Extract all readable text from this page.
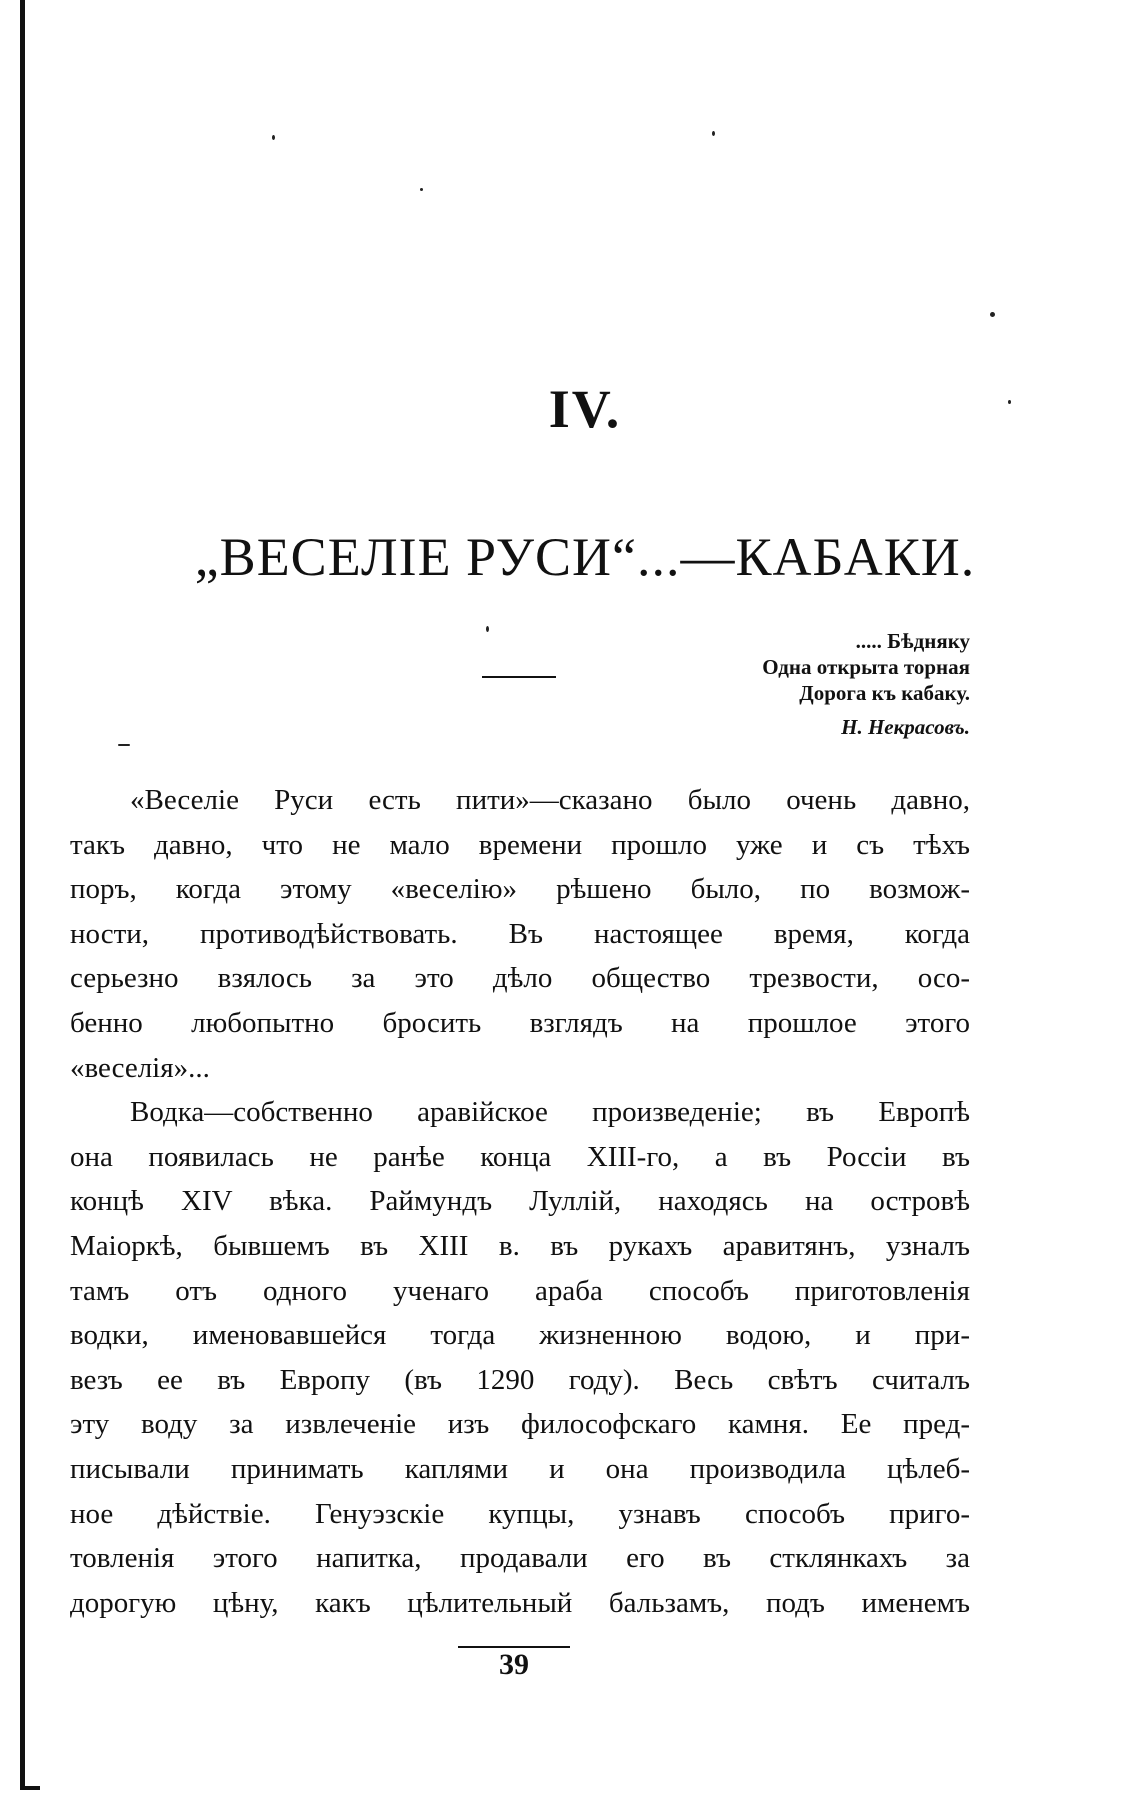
IV.
„ВЕСЕЛІЕ РУСИ“...—КАБАКИ.
..... Бѣдняку
Одна открыта торная
Дорога къ кабаку.
Н. Некрасовъ.
«Веселіе Руси есть пити»—сказано было очень давно,
такъ давно, что не мало времени прошло уже и съ тѣхъ
поръ, когда этому «веселію» рѣшено было, по возмож-
ности, противодѣйствовать. Въ настоящее время, когда
серьезно взялось за это дѣло общество трезвости, осо-
бенно любопытно бросить взглядъ на прошлое этого
«веселія»...
Водка—собственно аравійское произведеніе; въ Европѣ
она появилась не ранѣе конца XIII-го, а въ Россіи въ
концѣ XIV вѣка. Раймундъ Луллій, находясь на островѣ
Маіоркѣ, бывшемъ въ XIII в. въ рукахъ аравитянъ, узналъ
тамъ отъ одного ученаго араба способъ приготовленія
водки, именовавшейся тогда жизненною водою, и при-
везъ ее въ Европу (въ 1290 году). Весь свѣтъ считалъ
эту воду за извлеченіе изъ философскаго камня. Ее пред-
писывали принимать каплями и она производила цѣлеб-
ное дѣйствіе. Генуэзскіе купцы, узнавъ способъ приго-
товленія этого напитка, продавали его въ стклянкахъ за
дорогую цѣну, какъ цѣлительный бальзамъ, подъ именемъ
39
